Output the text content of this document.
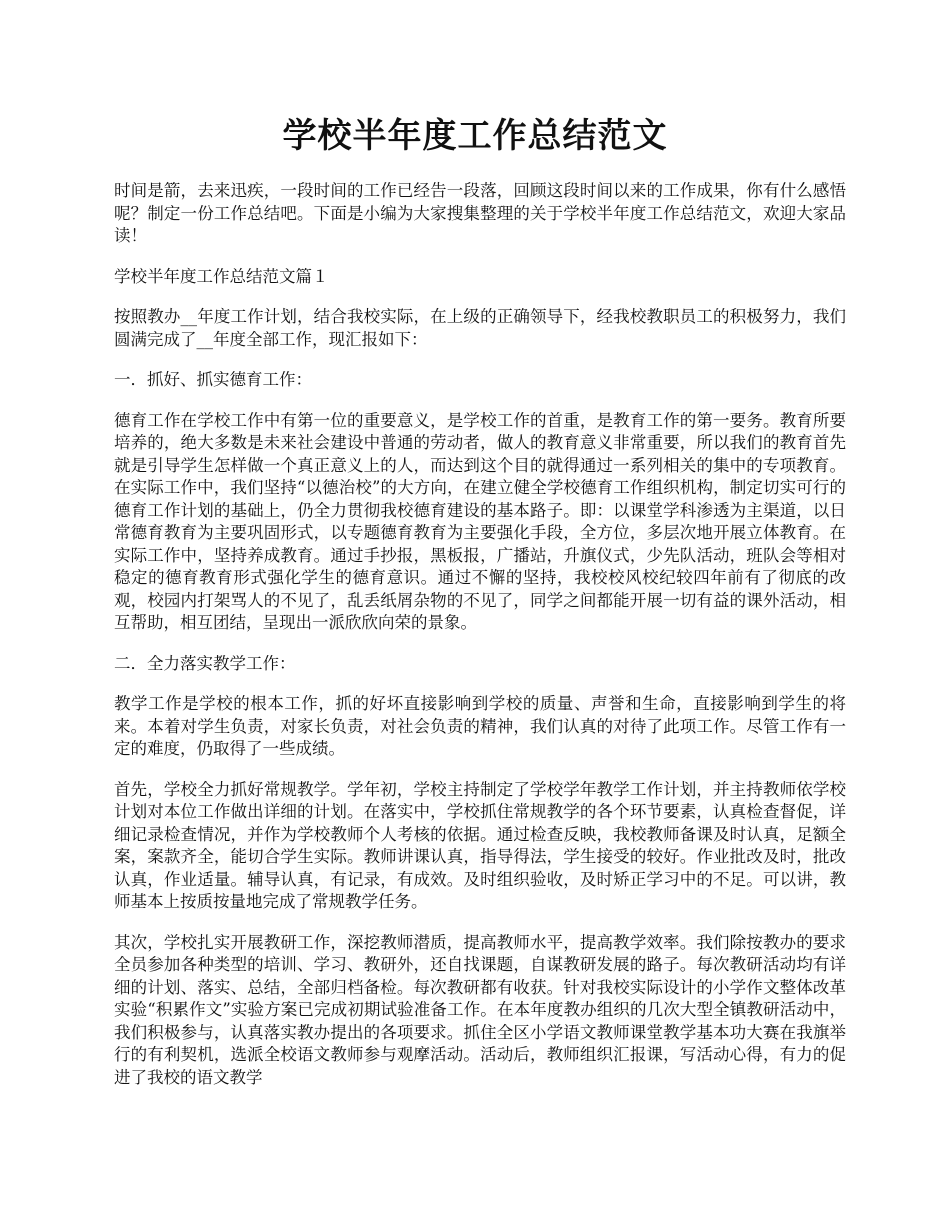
学校半年度工作总结范文

时间是箭，去来迅疾，一段时间的工作已经告一段落，回顾这段时间以来的工作成果，你有什么感悟呢？制定一份工作总结吧。下面是小编为大家搜集整理的关于学校半年度工作总结范文，欢迎大家品读！

学校半年度工作总结范文篇１

按照教办__年度工作计划，结合我校实际，在上级的正确领导下，经我校教职员工的积极努力，我们圆满完成了__年度全部工作，现汇报如下：

一．抓好、抓实德育工作：

德育工作在学校工作中有第一位的重要意义，是学校工作的首重，是教育工作的第一要务。教育所要培养的，绝大多数是未来社会建设中普通的劳动者，做人的教育意义非常重要，所以我们的教育首先就是引导学生怎样做一个真正意义上的人，而达到这个目的就得通过一系列相关的集中的专项教育。在实际工作中，我们坚持“以德治校”的大方向，在建立健全学校德育工作组织机构，制定切实可行的德育工作计划的基础上，仍全力贯彻我校德育建设的基本路子。即：以课堂学科渗透为主渠道，以日常德育教育为主要巩固形式，以专题德育教育为主要强化手段，全方位，多层次地开展立体教育。在实际工作中，坚持养成教育。通过手抄报，黑板报，广播站，升旗仪式，少先队活动，班队会等相对稳定的德育教育形式强化学生的德育意识。通过不懈的坚持，我校校风校纪较四年前有了彻底的改观，校园内打架骂人的不见了，乱丢纸屑杂物的不见了，同学之间都能开展一切有益的课外活动，相互帮助，相互团结，呈现出一派欣欣向荣的景象。

二．全力落实教学工作：

教学工作是学校的根本工作，抓的好坏直接影响到学校的质量、声誉和生命，直接影响到学生的将来。本着对学生负责，对家长负责，对社会负责的精神，我们认真的对待了此项工作。尽管工作有一定的难度，仍取得了一些成绩。

首先，学校全力抓好常规教学。学年初，学校主持制定了学校学年教学工作计划，并主持教师依学校计划对本位工作做出详细的计划。在落实中，学校抓住常规教学的各个环节要素，认真检查督促，详细记录检查情况，并作为学校教师个人考核的依据。通过检查反映，我校教师备课及时认真，足额全案，案款齐全，能切合学生实际。教师讲课认真，指导得法，学生接受的较好。作业批改及时，批改认真，作业适量。辅导认真，有记录，有成效。及时组织验收，及时矫正学习中的不足。可以讲，教师基本上按质按量地完成了常规教学任务。

其次，学校扎实开展教研工作，深挖教师潜质，提高教师水平，提高教学效率。我们除按教办的要求全员参加各种类型的培训、学习、教研外，还自找课题，自谋教研发展的路子。每次教研活动均有详细的计划、落实、总结，全部归档备检。每次教研都有收获。针对我校实际设计的小学作文整体改革实验“积累作文”实验方案已完成初期试验准备工作。在本年度教办组织的几次大型全镇教研活动中，我们积极参与，认真落实教办提出的各项要求。抓住全区小学语文教师课堂教学基本功大赛在我旗举行的有利契机，选派全校语文教师参与观摩活动。活动后，教师组织汇报课，写活动心得，有力的促进了我校的语文教学
